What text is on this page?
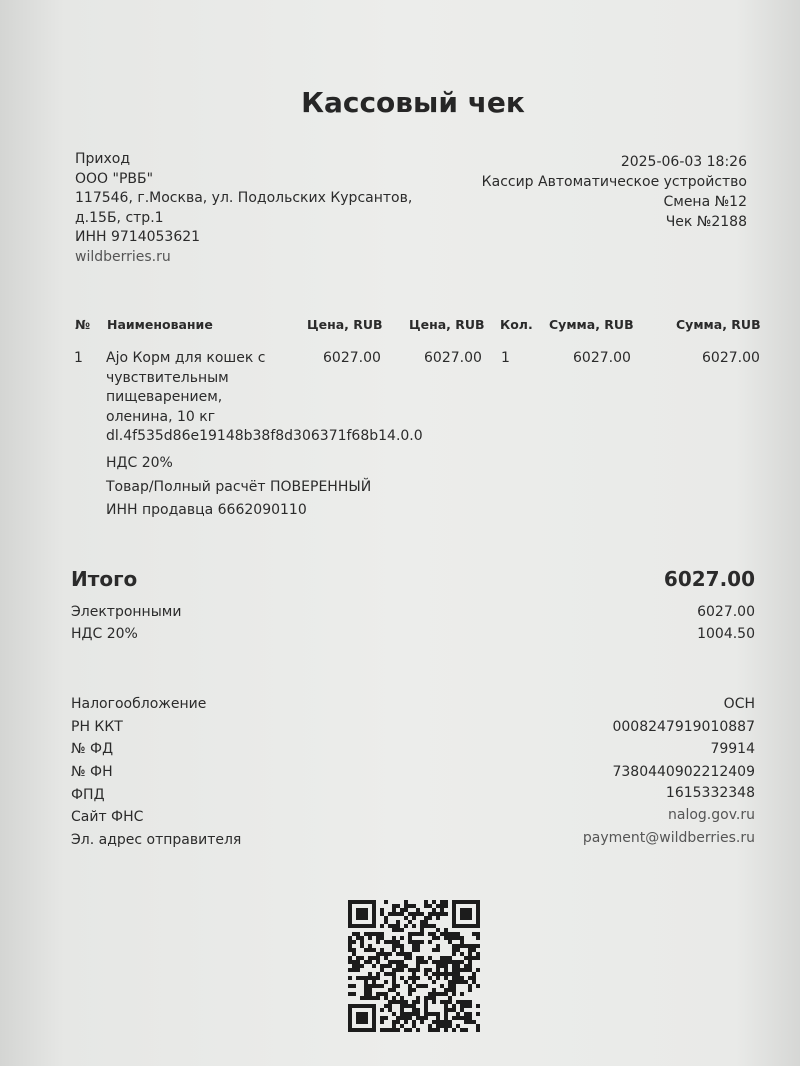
Кассовый чек
Приход
ООО "РВБ"
117546, г.Москва, ул. Подольских Курсантов,
д.15Б, стр.1
ИНН 9714053621
wildberries.ru
2025-06-03 18:26
Кассир Автоматическое устройство
Смена №12
Чек №2188
№ Наименование	Цена, RUB Цена, RUB Кол. Сумма, RUB	Сумма, RUB
1 Ajo Корм для кошек с
чувствительным
пищеварением,
оленина, 10 кг
dl.4f535d86e19148b38f8d306371f68b14.0.0
6027.00	6027.00 1	6027.00	6027.00
НДС 20%
Товар/Полный расчёт ПОВЕРЕННЫЙ
ИНН продавца 6662090110
Итого	6027.00
Электронными	6027.00
НДС 20%	1004.50
Налогообложение	ОСН
РН ККТ	0008247919010887
№ ФД	79914
№ ФН	7380440902212409
ФПД	1615332348
Сайт ФНС	nalog.gov.ru
Эл. адрес отправителя	payment@wildberries.ru
